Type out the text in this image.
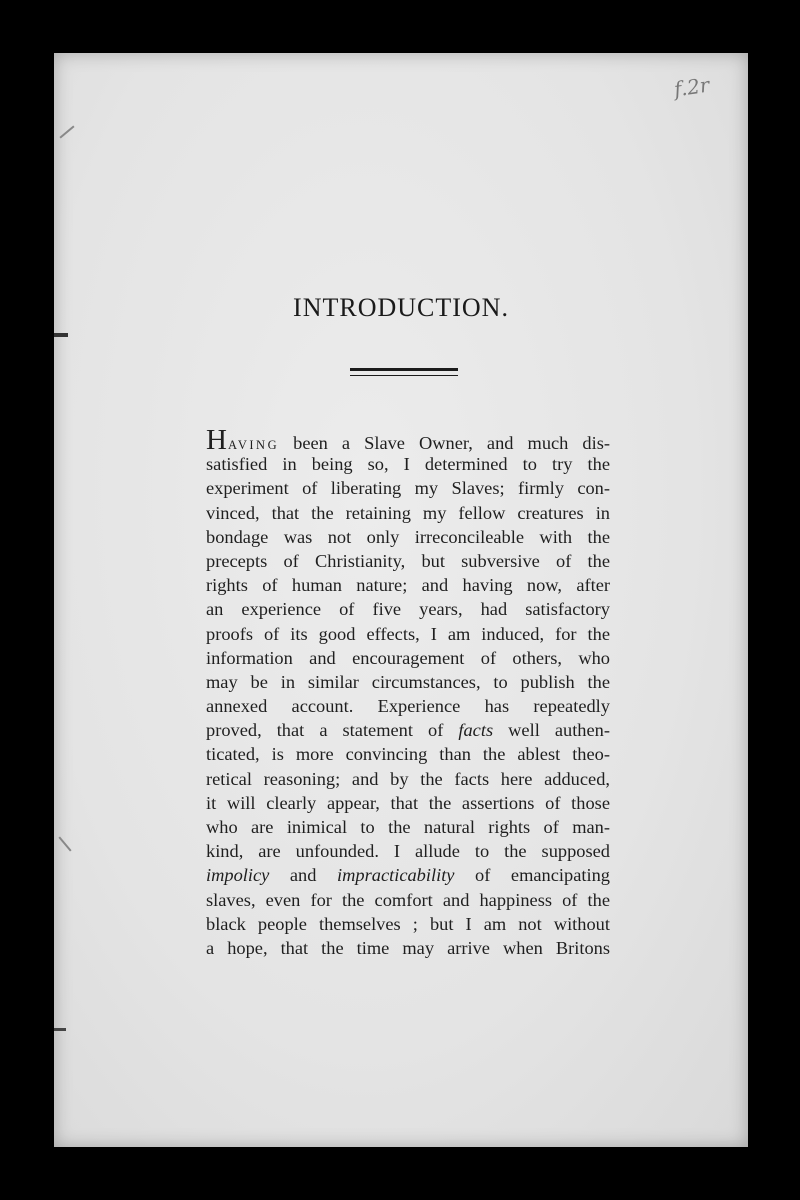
f.2r
INTRODUCTION.
HAVING been a Slave Owner, and much dis-
satisfied in being so, I determined to try the
experiment of liberating my Slaves; firmly con-
vinced, that the retaining my fellow creatures in
bondage was not only irreconcileable with the
precepts of Christianity, but subversive of the
rights of human nature; and having now, after
an experience of five years, had satisfactory
proofs of its good effects, I am induced, for the
information and encouragement of others, who
may be in similar circumstances, to publish the
annexed account. Experience has repeatedly
proved, that a statement of facts well authen-
ticated, is more convincing than the ablest theo-
retical reasoning; and by the facts here adduced,
it will clearly appear, that the assertions of those
who are inimical to the natural rights of man-
kind, are unfounded. I allude to the supposed
impolicy and impracticability of emancipating
slaves, even for the comfort and happiness of the
black people themselves ; but I am not without
a hope, that the time may arrive when Britons
